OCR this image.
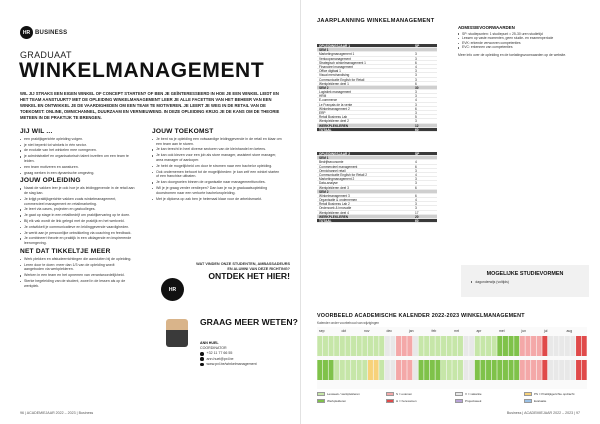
HR BUSINESS
GRADUAAT
WINKELMANAGEMENT
WIL JIJ STRAKS EEN EIGEN WINKEL OF CONCEPT STARTEN? OF BEN JE GEÏNTERESSEERD IN HOE JE EEN WINKEL LEIDT EN HET TEAM AANSTUURT? MET DE OPLEIDING WINKELMANAGEMENT LEER JE ALLE FACETTEN VAN HET BEHEER VAN EEN WINKEL EN ONTWIKKEL JE DE VAARDIGHEDEN OM EEN TEAM TE MOTIVEREN. JE LEERT JE WEG IN DE RETAIL VAN DE TOEKOMST: ONLINE, OMNICHANNEL, DUURZAAM EN VERNIEUWEND. IN DEZE OPLEIDING KRIJG JE DE KANS OM DE THEORIE METEEN IN DE PRAKTIJK TE BRENGEN.
JIJ WIL ...
een praktijkgerichte opleiding volgen.
je niet beperkt tot winkels in één sector.
de evolutie van het winkelen mee vormgeven.
je administratief en organisatorisch talent inzetten om een team te leiden.
een team motiveren en aansturen.
graag werken in een dynamische omgeving.
JOUW OPLEIDING
Naast de vakken leer je ook hoe je als leidinggevende in de retail aan de slag kan.
Je krijgt praktijkgerichte vakken zoals winkelmanagement, commercieel management en retailmarketing.
Je leert via cases, projecten en gastcolleges.
Je gaat op stage in een retailbedrijf om praktijkervaring op te doen.
Bij elk vak wordt de link gelegd met de praktijk en het werkveld.
Je ontwikkelt je communicatieve en leidinggevende vaardigheden.
Je werkt aan je persoonlijke ontwikkeling via coaching en feedback.
Je combineert theorie en praktijk in een uitdagende en inspirerende leeromgeving.
NET DAT TIKKELTJE MEER
Werk plekken en afstudeerrichtingen die aansluiten bij de opleiding.
Leren door te doen: meer dan 1/3 van de opleiding wordt aangeboden via werkplekleren.
Werken in een team en het opnemen van verantwoordelijkheid.
Sterke begeleiding van de student, zowel in de lessen als op de werkplek.
JOUW TOEKOMST
Je bent na je opleiding een volwaardige leidinggevende in de retail en klaar om een team aan te sturen.
Je kan terecht in heel diverse sectoren van de kleinhandel en ketens.
Je kan ook kiezen voor een job als store manager, assistent store manager, area manager of aankoper.
Je hebt de mogelijkheid om door te stromen naar een bachelor opleiding.
Ook ondernemen behoort tot de mogelijkheden: je kan zelf een winkel starten of een franchise uitbaten.
Je kan doorgroeien binnen de organisatie naar managementfuncties.
Wil je je graag verder verdiepen? Dan kan je na je graduaatsopleiding doorstromen naar een verkorte bacheloropleiding.
Met je diploma op zak ben je helemaal klaar voor de arbeidsmarkt.
HR
WAT VINDEN ONZE STUDENTEN, AMBASSADEURS EN ALUMNI VAN DEZE RICHTING?
ONTDEK HET HIER!
GRAAG MEER WETEN?
ANN HUEL
COORDINATOR
+32 11 77 66 55
ann.huel@pxl.be
www.pxl.be/winkelmanagement
96 | ACADEMIEJAAR 2022 – 2023 | Business
JAARPLANNING WINKELMANAGEMENT
OPLEIDINGSJAAR 1	SP
SEM 1
Marketingmanagement 1	3
Verkoopsmanagement	3
Strategisch winkelmanagement 1	6
Financieel management	4
Office digitaal 1	3
Visual merchandising	3
Communicatie English for Retail	3
Werkplekleren deel 1	6
SEM 2	30
Logistiek management	3
HRM	3
E-commerce	4
Le Français de la vente	3
Winkelmanagement 2	6
ERP	3
Retail Business Lab	5
Werkplekleren deel 2	3
WERKPLEKLEREN	12
TOTAAL	60
OPLEIDINGSJAAR 2	SP
SEM 1
Bedrijfseconomie	4
Commercieel management	6
Omnichannel retail	3
Communicatie English for Retail 2	4
Marketingmanagement 2	3
Data-analyse	3
Werkplekleren deel 3	6
SEM 2
Winkelmanagement 3	6
Organisatie & ondernemen	4
Retail Business Lab 2	3
Onderzoek & innovatie	3
Werkplekleren deel 4	17
WERKPLEKLEREN	20
TOTAAL	60
ADMISSIEVOORWAARDEN
SP: studiepunten: 1 studiepunt = 25-30 uren studietijd
Lessen op vaste momenten, geen studie- en examenperiode
EVK: erkende verworven competenties
EVC: erkennen van competenties

Meer info over de opleiding en de toelatingsvoorwaarden op de website.

MOGELIJKE STUDIEVORMEN
dagonderwijs (voltijds)
VOORBEELD ACADEMISCHE KALENDER 2022-2023 WINKELMANAGEMENT
Kalender onder voorbehoud van wijzigingen
sep	okt	nov	dec	jan	feb	mrt	apr	mei	jun	jul	aug
Lesweek / werkplekleren	S = examen	V = vakantie	PS = Praktijkgerichte opdracht
Werkplekleren	H = herexamen	Projectweek	Evaluatie
Business | ACADEMIEJAAR 2022 – 2023 | 97
